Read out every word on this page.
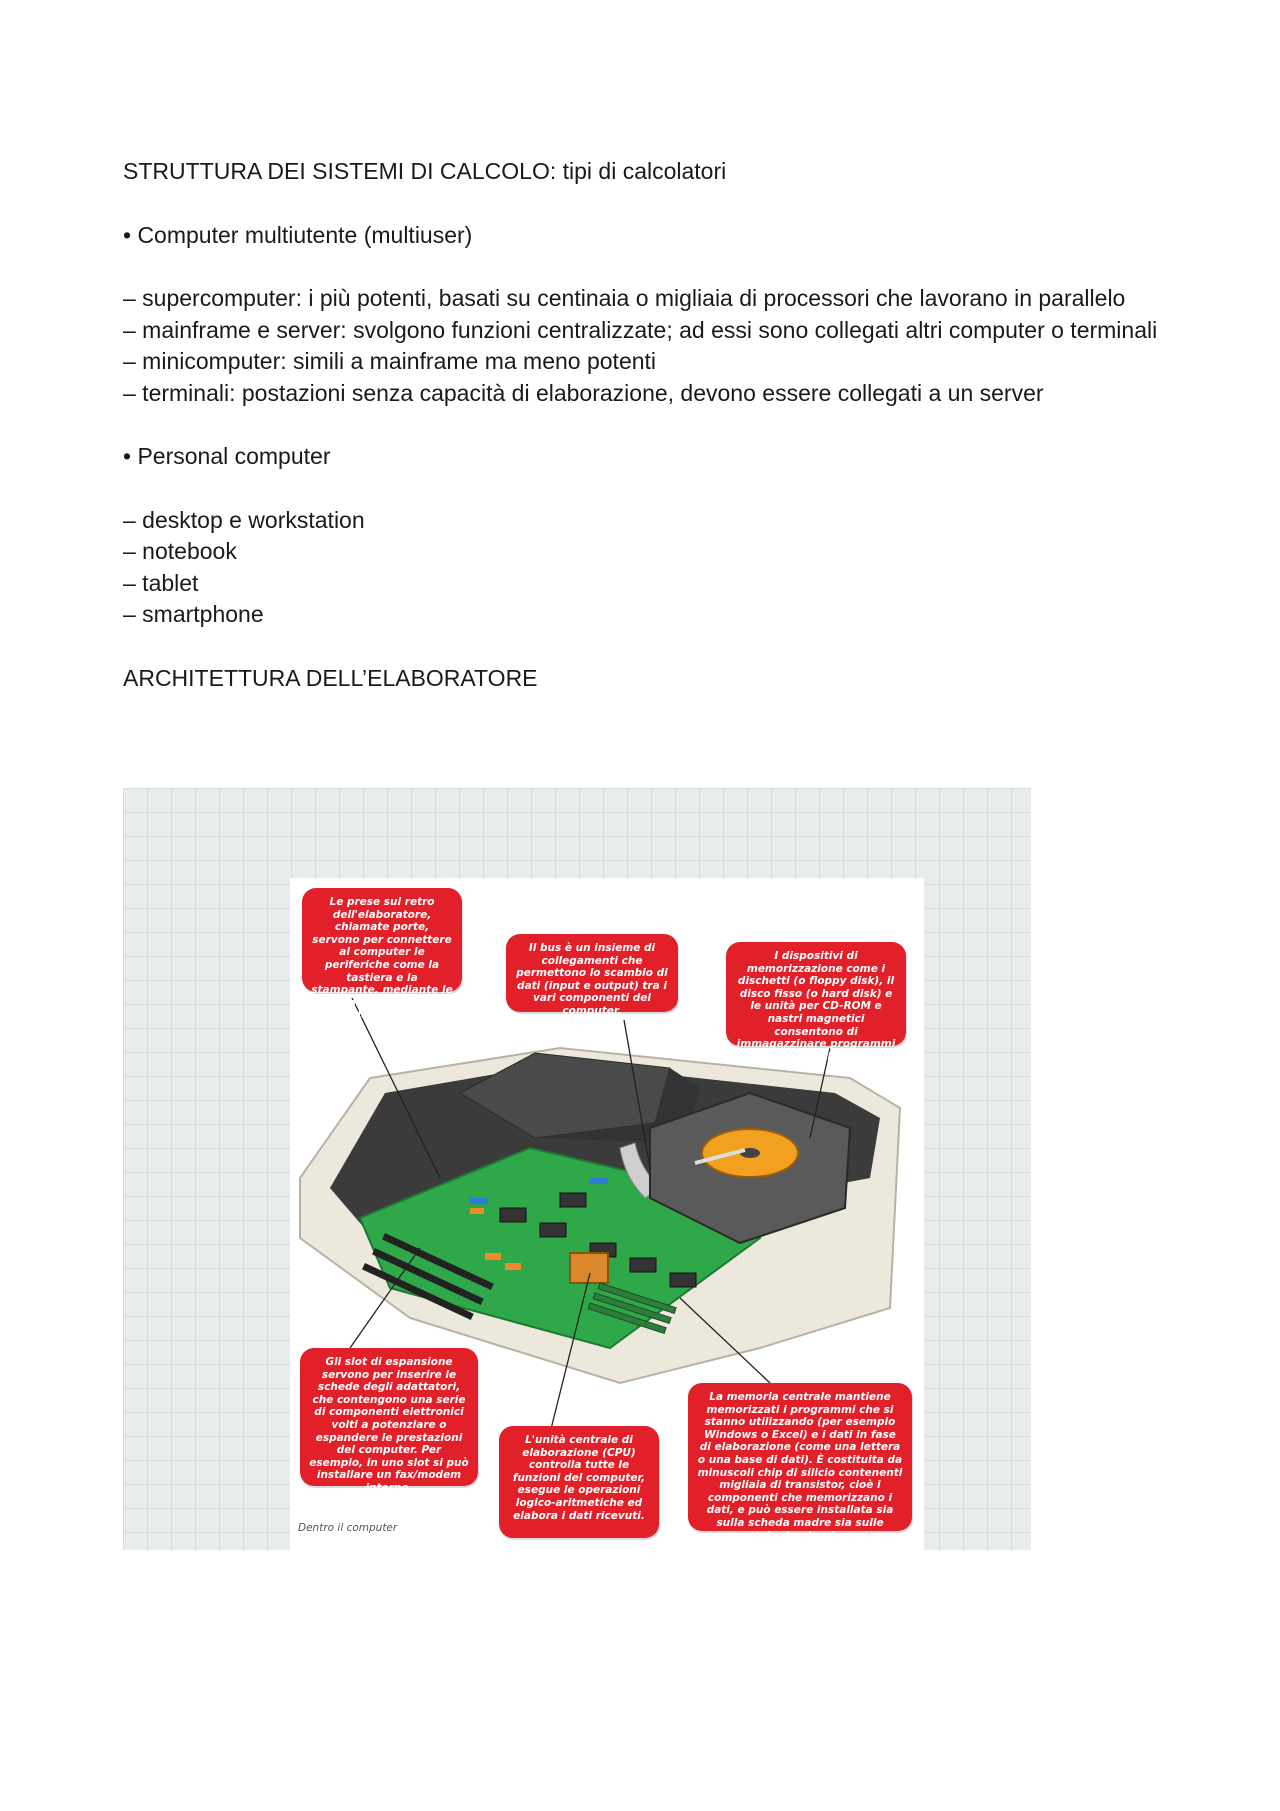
STRUTTURA DEI SISTEMI DI CALCOLO: tipi di calcolatori

• Computer multiutente (multiuser)

– supercomputer: i più potenti, basati su centinaia o migliaia di processori che lavorano in parallelo

– mainframe e server: svolgono funzioni centralizzate; ad essi sono collegati altri computer o terminali

– minicomputer: simili a mainframe ma meno potenti

– terminali: postazioni senza capacità di elaborazione, devono essere collegati a un server

• Personal computer

– desktop e workstation

– notebook

– tablet

– smartphone

ARCHITETTURA DELL’ELABORATORE

Le prese sul retro dell'elaboratore, chiamate porte, servono per connettere al computer le periferiche come la tastiera e la stampante, mediante le quali è possibile immettere e ricevere dati.
Il bus è un insieme di collegamenti che permettono lo scambio di dati (input e output) tra i vari componenti del computer.
I dispositivi di memorizzazione come i dischetti (o floppy disk), il disco fisso (o hard disk) e le unità per CD-ROM e nastri magnetici consentono di immagazzinare programmi e dati.
Gli slot di espansione servono per inserire le schede degli adattatori, che contengono una serie di componenti elettronici volti a potenziare o espandere le prestazioni del computer. Per esempio, in uno slot si può installare un fax/modem interno.
L'unità centrale di elaborazione (CPU) controlla tutte le funzioni del computer, esegue le operazioni logico-aritmetiche ed elabora i dati ricevuti.
La memoria centrale mantiene memorizzati i programmi che si stanno utilizzando (per esempio Windows o Excel) e i dati in fase di elaborazione (come una lettera o una base di dati). È costituita da minuscoli chip di silicio contenenti migliaia di transistor, cioè i componenti che memorizzano i dati, e può essere installata sia sulla scheda madre sia sulle schede plug-in.
Dentro il computer
